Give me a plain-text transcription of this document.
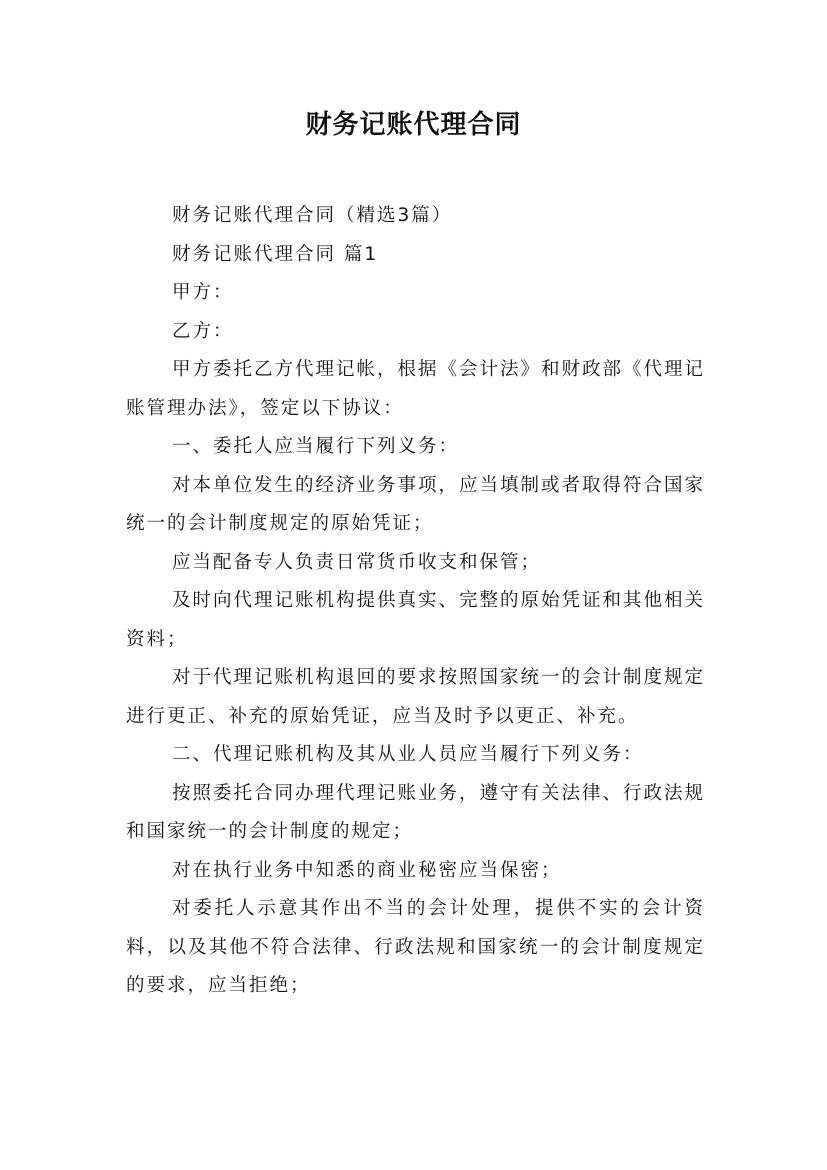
财务记账代理合同

财务记账代理合同（精选3篇）

财务记账代理合同 篇1

甲方：

乙方：

甲方委托乙方代理记帐，根据《会计法》和财政部《代理记账管理办法》，签定以下协议：

一、委托人应当履行下列义务：

对本单位发生的经济业务事项，应当填制或者取得符合国家统一的会计制度规定的原始凭证；

应当配备专人负责日常货币收支和保管；

及时向代理记账机构提供真实、完整的原始凭证和其他相关资料；

对于代理记账机构退回的要求按照国家统一的会计制度规定进行更正、补充的原始凭证，应当及时予以更正、补充。

二、代理记账机构及其从业人员应当履行下列义务：

按照委托合同办理代理记账业务，遵守有关法律、行政法规和国家统一的会计制度的规定；

对在执行业务中知悉的商业秘密应当保密；

对委托人示意其作出不当的会计处理，提供不实的会计资料，以及其他不符合法律、行政法规和国家统一的会计制度规定的要求，应当拒绝；
